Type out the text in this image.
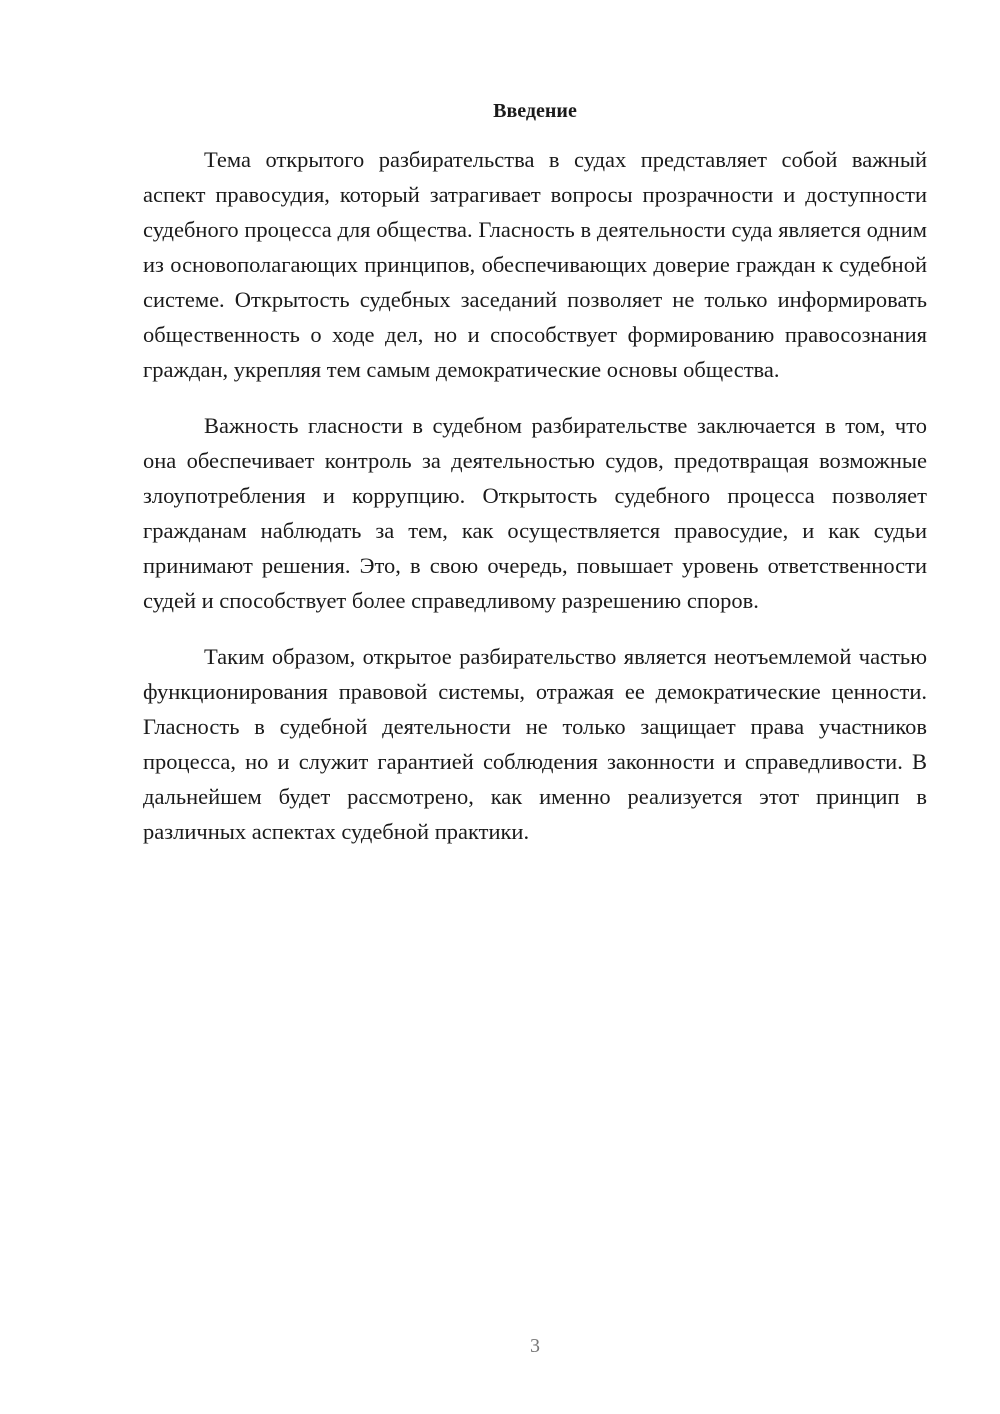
Введение

Тема открытого разбирательства в судах представляет собой важный аспект правосудия, который затрагивает вопросы прозрачности и доступности судебного процесса для общества. Гласность в деятельности суда является одним из основополагающих принципов, обеспечивающих доверие граждан к судебной системе. Открытость судебных заседаний позволяет не только информировать общественность о ходе дел, но и способствует формированию правосознания граждан, укрепляя тем самым демократические основы общества.

Важность гласности в судебном разбирательстве заключается в том, что она обеспечивает контроль за деятельностью судов, предотвращая возможные злоупотребления и коррупцию. Открытость судебного процесса позволяет гражданам наблюдать за тем, как осуществляется правосудие, и как судьи принимают решения. Это, в свою очередь, повышает уровень ответственности судей и способствует более справедливому разрешению споров.

Таким образом, открытое разбирательство является неотъемлемой частью функционирования правовой системы, отражая ее демократические ценности. Гласность в судебной деятельности не только защищает права участников процесса, но и служит гарантией соблюдения законности и справедливости. В дальнейшем будет рассмотрено, как именно реализуется этот принцип в различных аспектах судебной практики.

3
